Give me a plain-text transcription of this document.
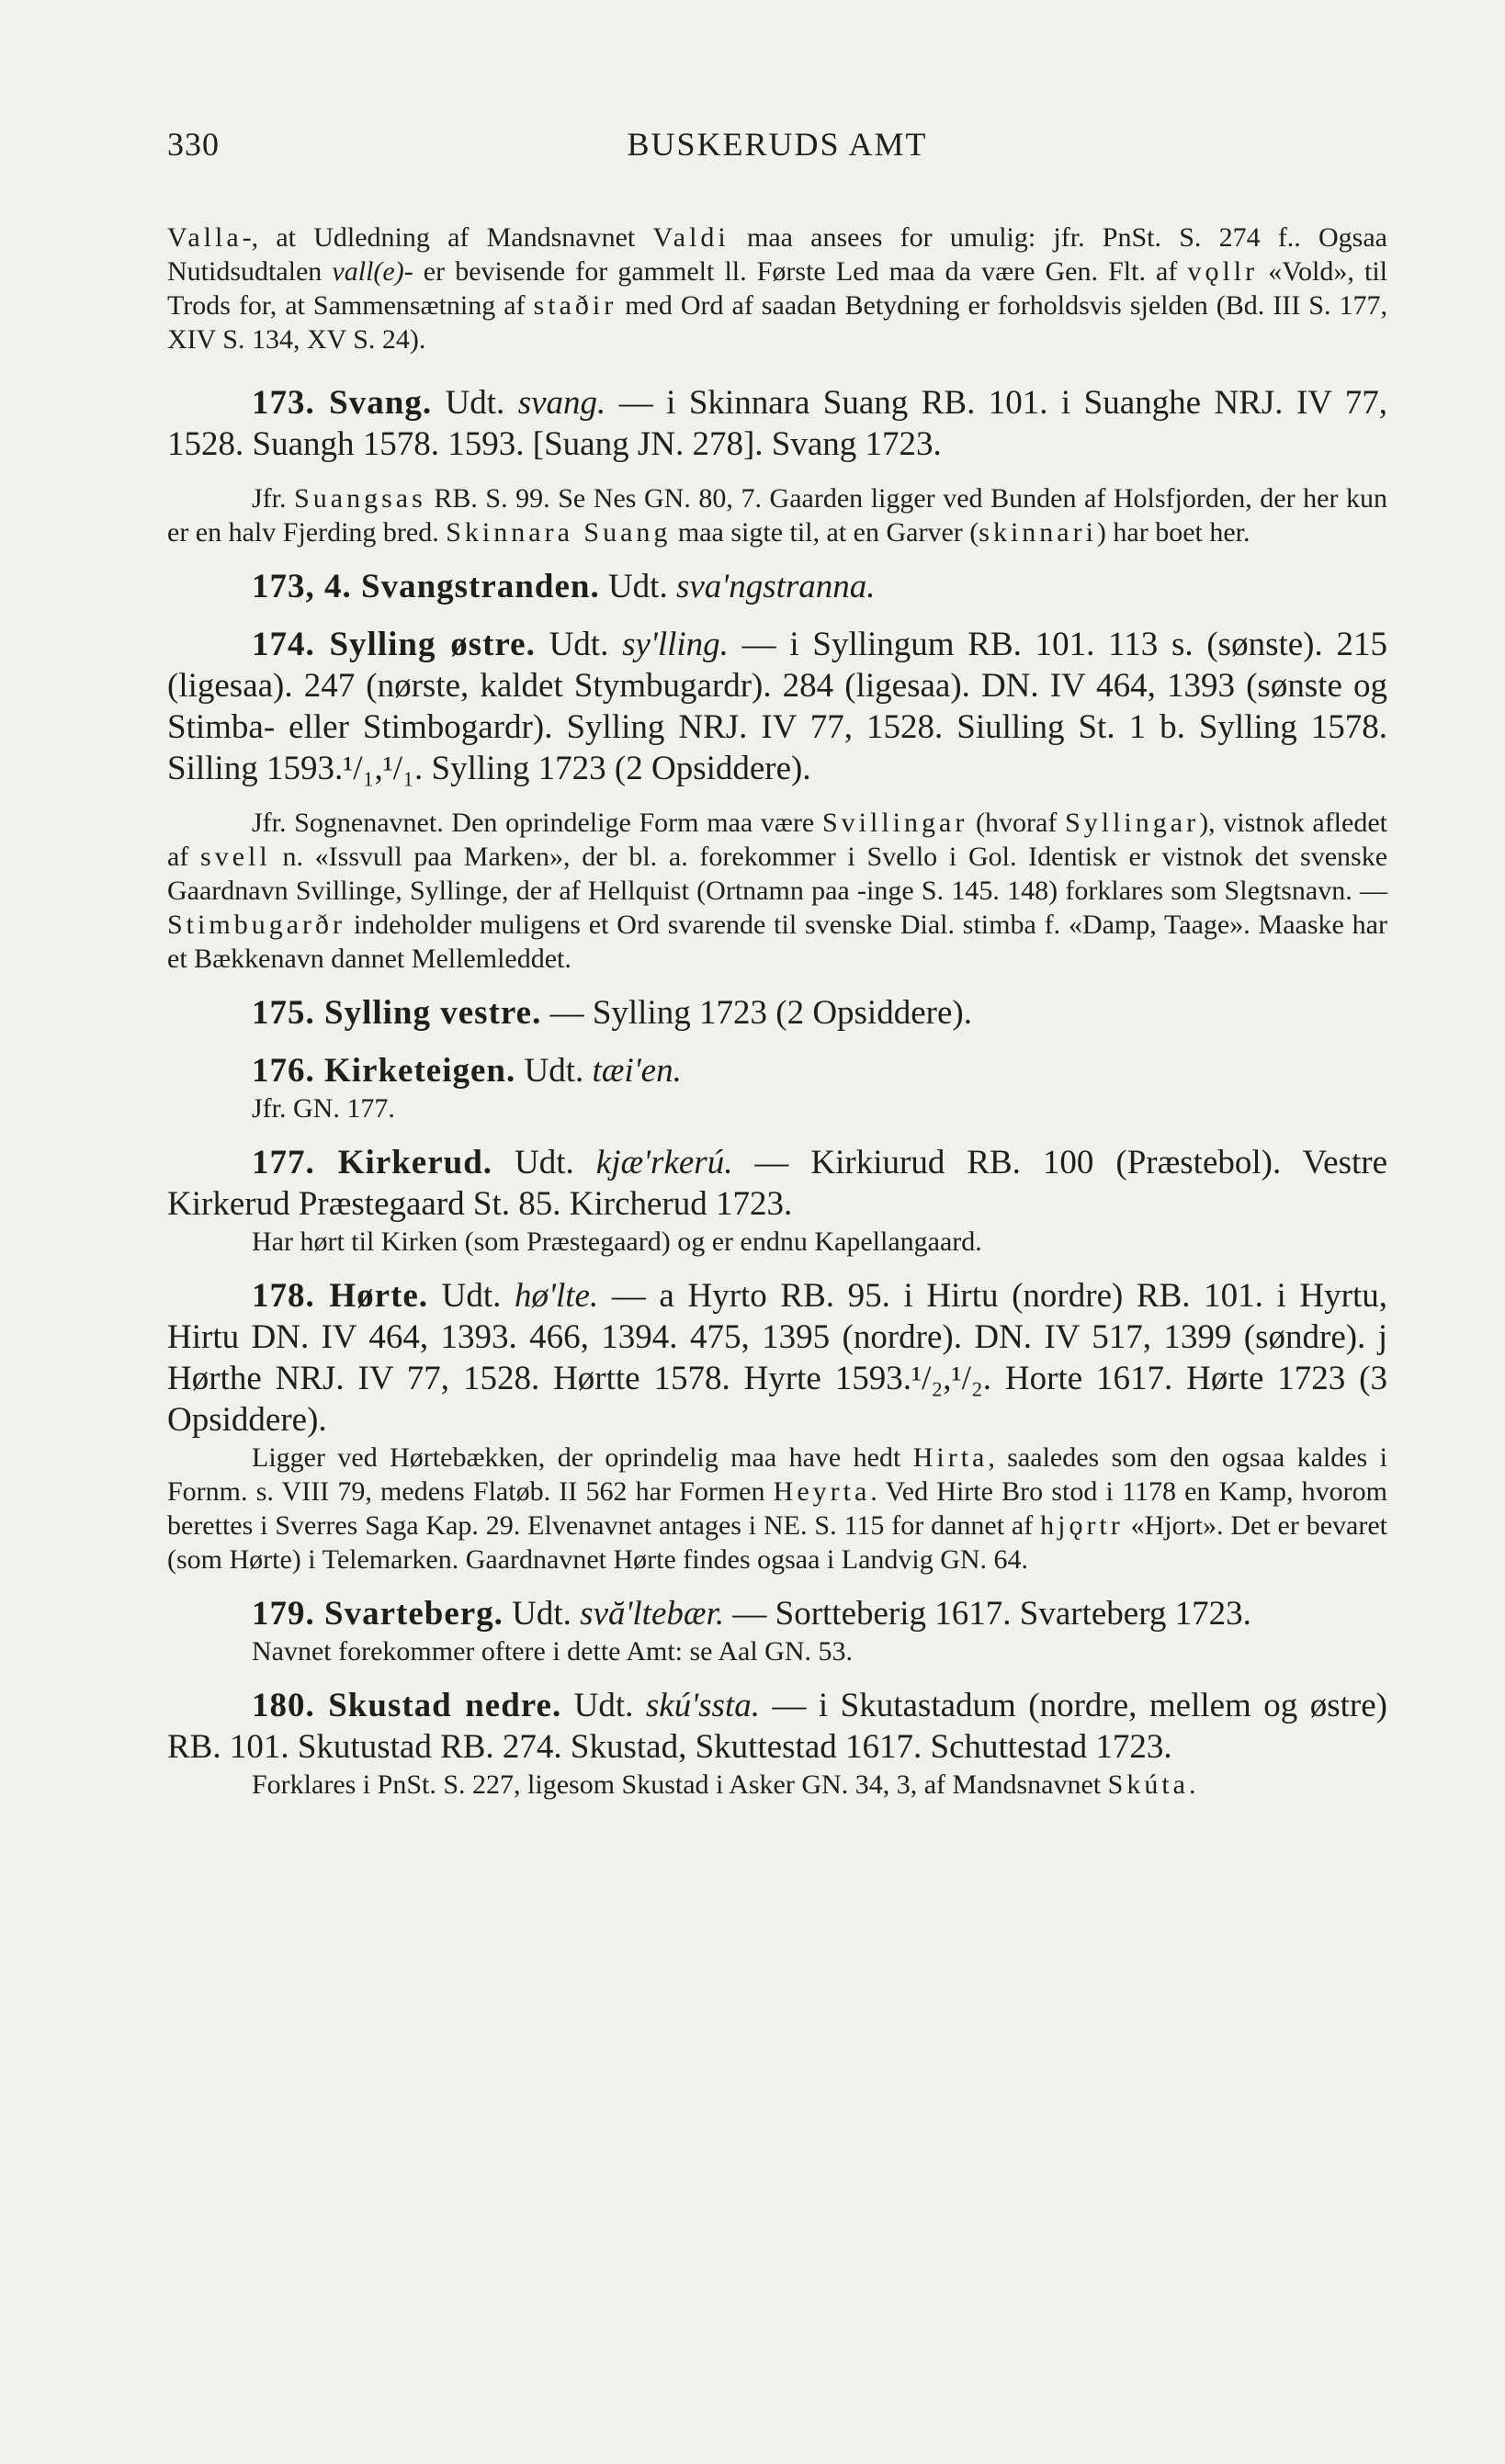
330	BUSKERUDS AMT

Valla-, at Udledning af Mandsnavnet Valdi maa ansees for umulig: jfr. PnSt. S. 274 f.. Ogsaa Nutidsudtalen vall(e)- er bevisende for gammelt ll. Første Led maa da være Gen. Flt. af vǫllr «Vold», til Trods for, at Sammensætning af staðir med Ord af saadan Betydning er forholdsvis sjelden (Bd. III S. 177, XIV S. 134, XV S. 24).

173. Svang. Udt. svang. — i Skinnara Suang RB. 101. i Suanghe NRJ. IV 77, 1528. Suangh 1578. 1593. [Suang JN. 278]. Svang 1723.

Jfr. Suangsas RB. S. 99. Se Nes GN. 80, 7. Gaarden ligger ved Bunden af Holsfjorden, der her kun er en halv Fjerding bred. Skinnara Suang maa sigte til, at en Garver (skinnari) har boet her.

173, 4. Svangstranden. Udt. sva'ngstranna.

174. Sylling østre. Udt. sy'lling. — i Syllingum RB. 101. 113 s. (sønste). 215 (ligesaa). 247 (nørste, kaldet Stymbugardr). 284 (ligesaa). DN. IV 464, 1393 (sønste og Stimba- eller Stimbogardr). Sylling NRJ. IV 77, 1528. Siulling St. 1 b. Sylling 1578. Silling 1593.¹/₁,¹/₁. Sylling 1723 (2 Opsiddere).

Jfr. Sognenavnet. Den oprindelige Form maa være Svillingar (hvoraf Syllingar), vistnok afledet af svell n. «Issvull paa Marken», der bl. a. forekommer i Svello i Gol. Identisk er vistnok det svenske Gaardnavn Svillinge, Syllinge, der af Hellquist (Ortnamn paa -inge S. 145. 148) forklares som Slegtsnavn. — Stimbugarðr indeholder muligens et Ord svarende til svenske Dial. stimba f. «Damp, Taage». Maaske har et Bækkenavn dannet Mellemleddet.

175. Sylling vestre. — Sylling 1723 (2 Opsiddere).

176. Kirketeigen. Udt. tæi'en.

Jfr. GN. 177.

177. Kirkerud. Udt. kjæ'rkerú. — Kirkiurud RB. 100 (Præstebol). Vestre Kirkerud Præstegaard St. 85. Kircherud 1723.

Har hørt til Kirken (som Præstegaard) og er endnu Kapellangaard.

178. Hørte. Udt. hø'lte. — a Hyrto RB. 95. i Hirtu (nordre) RB. 101. i Hyrtu, Hirtu DN. IV 464, 1393. 466, 1394. 475, 1395 (nordre). DN. IV 517, 1399 (søndre). j Hørthe NRJ. IV 77, 1528. Hørtte 1578. Hyrte 1593.¹/₂,¹/₂. Horte 1617. Hørte 1723 (3 Opsiddere).

Ligger ved Hørtebækken, der oprindelig maa have hedt Hirta, saaledes som den ogsaa kaldes i Fornm. s. VIII 79, medens Flatøb. II 562 har Formen Heyrta. Ved Hirte Bro stod i 1178 en Kamp, hvorom berettes i Sverres Saga Kap. 29. Elvenavnet antages i NE. S. 115 for dannet af hjǫrtr «Hjort». Det er bevaret (som Hørte) i Telemarken. Gaardnavnet Hørte findes ogsaa i Landvig GN. 64.

179. Svarteberg. Udt. svă'ltebær. — Sortteberig 1617. Svarteberg 1723.

Navnet forekommer oftere i dette Amt: se Aal GN. 53.

180. Skustad nedre. Udt. skú'ssta. — i Skutastadum (nordre, mellem og østre) RB. 101. Skutustad RB. 274. Skustad, Skuttestad 1617. Schuttestad 1723.

Forklares i PnSt. S. 227, ligesom Skustad i Asker GN. 34, 3, af Mandsnavnet Skúta.
